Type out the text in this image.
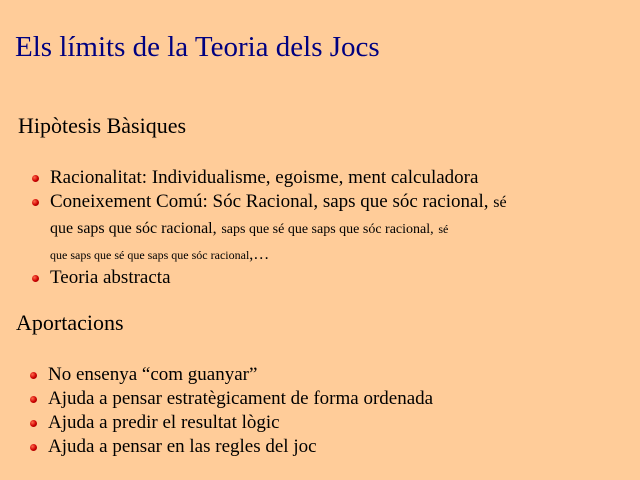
Els límits de la Teoria dels Jocs
Hipòtesis Bàsiques
Racionalitat: Individualisme, egoisme, ment calculadora
Coneixement Comú: Sóc Racional, saps que sóc racional, sé
que saps que sóc racional, saps que sé que saps que sóc racional, sé
que saps que sé que saps que sóc racional,…
Teoria abstracta
Aportacions
No ensenya “com guanyar”
Ajuda a pensar estratègicament de forma ordenada
Ajuda a predir el resultat lògic
Ajuda a pensar en las regles del joc
